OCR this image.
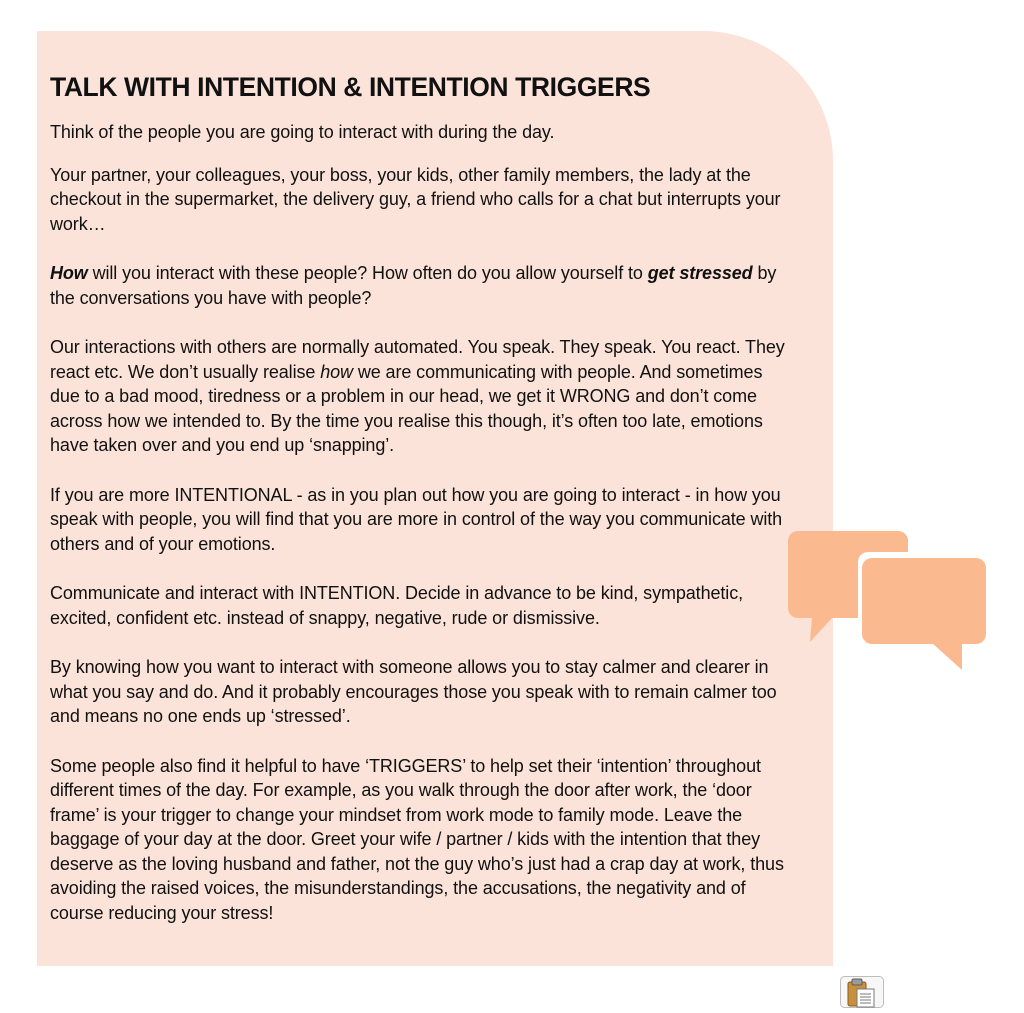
TALK WITH INTENTION & INTENTION TRIGGERS

Think of the people you are going to interact with during the day.

Your partner, your colleagues, your boss, your kids, other family members, the lady at the checkout in the supermarket, the delivery guy, a friend who calls for a chat but interrupts your work…

How will you interact with these people? How often do you allow yourself to get stressed by the conversations you have with people?

Our interactions with others are normally automated. You speak. They speak. You react. They react etc. We don’t usually realise how we are communicating with people. And sometimes due to a bad mood, tiredness or a problem in our head, we get it WRONG and don’t come across how we intended to. By the time you realise this though, it’s often too late, emotions have taken over and you end up ‘snapping’.

If you are more INTENTIONAL - as in you plan out how you are going to interact - in how you speak with people, you will find that you are more in control of the way you communicate with others and of your emotions.

Communicate and interact with INTENTION. Decide in advance to be kind, sympathetic, excited, confident etc. instead of snappy, negative, rude or dismissive.

By knowing how you want to interact with someone allows you to stay calmer and clearer in what you say and do. And it probably encourages those you speak with to remain calmer too and means no one ends up ‘stressed’.

Some people also find it helpful to have ‘TRIGGERS’ to help set their ‘intention’ throughout different times of the day. For example, as you walk through the door after work, the ‘door frame’ is your trigger to change your mindset from work mode to family mode. Leave the baggage of your day at the door. Greet your wife / partner / kids with the intention that they deserve as the loving husband and father, not the guy who’s just had a crap day at work, thus avoiding the raised voices, the misunderstandings, the accusations, the negativity and of course reducing your stress!
